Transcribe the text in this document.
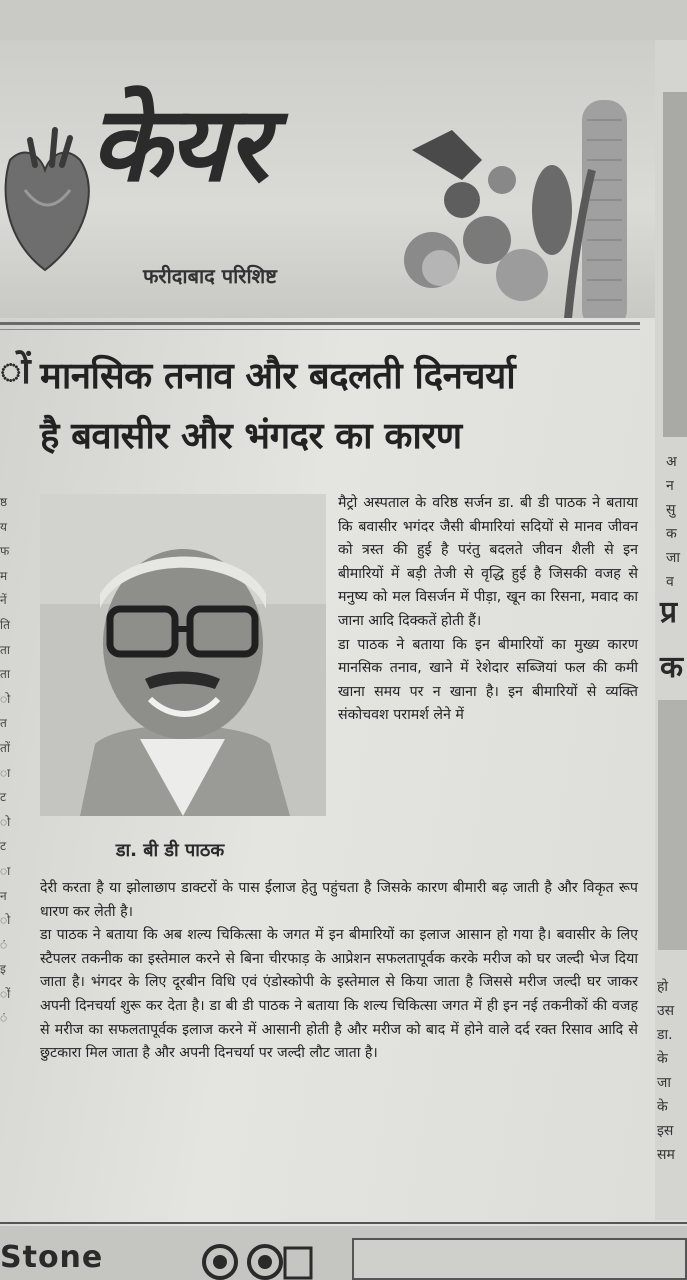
केयर
फरीदाबाद परिशिष्ट
ों
ष्ठ
य
फ
म
नें
ति
ता
ता
ो
त
तों
ा
ट
ो
ट
ा
न
ो
ं
इ
ों
ं
मानसिक तनाव और बदलती दिनचर्या
है बवासीर और भंगदर का कारण
डा. बी डी पाठक

मैट्रो अस्पताल के वरिष्ठ सर्जन डा. बी डी पाठक ने बताया कि बवासीर भगंदर जैसी बीमारियां सदियों से मानव जीवन को त्रस्त की हुई है परंतु बदलते जीवन शैली से इन बीमारियों में बड़ी तेजी से वृद्धि हुई है जिसकी वजह से मनुष्य को मल विसर्जन में पीड़ा, खून का रिसना, मवाद का जाना आदि दिक्कतें होती हैं।

डा पाठक ने बताया कि इन बीमारियों का मुख्य कारण मानसिक तनाव, खाने में रेशेदार सब्जियां फल की कमी खाना समय पर न खाना है। इन बीमारियों से व्यक्ति संकोचवश परामर्श लेने में

देरी करता है या झोलाछाप डाक्टरों के पास ईलाज हेतु पहुंचता है जिसके कारण बीमारी बढ़ जाती है और विकृत रूप धारण कर लेती है।

डा पाठक ने बताया कि अब शल्य चिकित्सा के जगत में इन बीमारियों का इलाज आसान हो गया है। बवासीर के लिए स्टैपलर तकनीक का इस्तेमाल करने से बिना चीरफाड़ के आप्रेशन सफलतापूर्वक करके मरीज को घर जल्दी भेज दिया जाता है। भंगदर के लिए दूरबीन विधि एवं एंडोस्कोपी के इस्तेमाल से किया जाता है जिससे मरीज जल्दी घर जाकर अपनी दिनचर्या शुरू कर देता है। डा बी डी पाठक ने बताया कि शल्य चिकित्सा जगत में ही इन नई तकनीकों की वजह से मरीज का सफलतापूर्वक इलाज करने में आसानी होती है और मरीज को बाद में होने वाले दर्द रक्त रिसाव आदि से छुटकारा मिल जाता है और अपनी दिनचर्या पर जल्दी लौट जाता है।

अ
न
सु
क
जा
व
प्र
क
हो
उस
डा.
के
जा
के
इस
सम
Stone
